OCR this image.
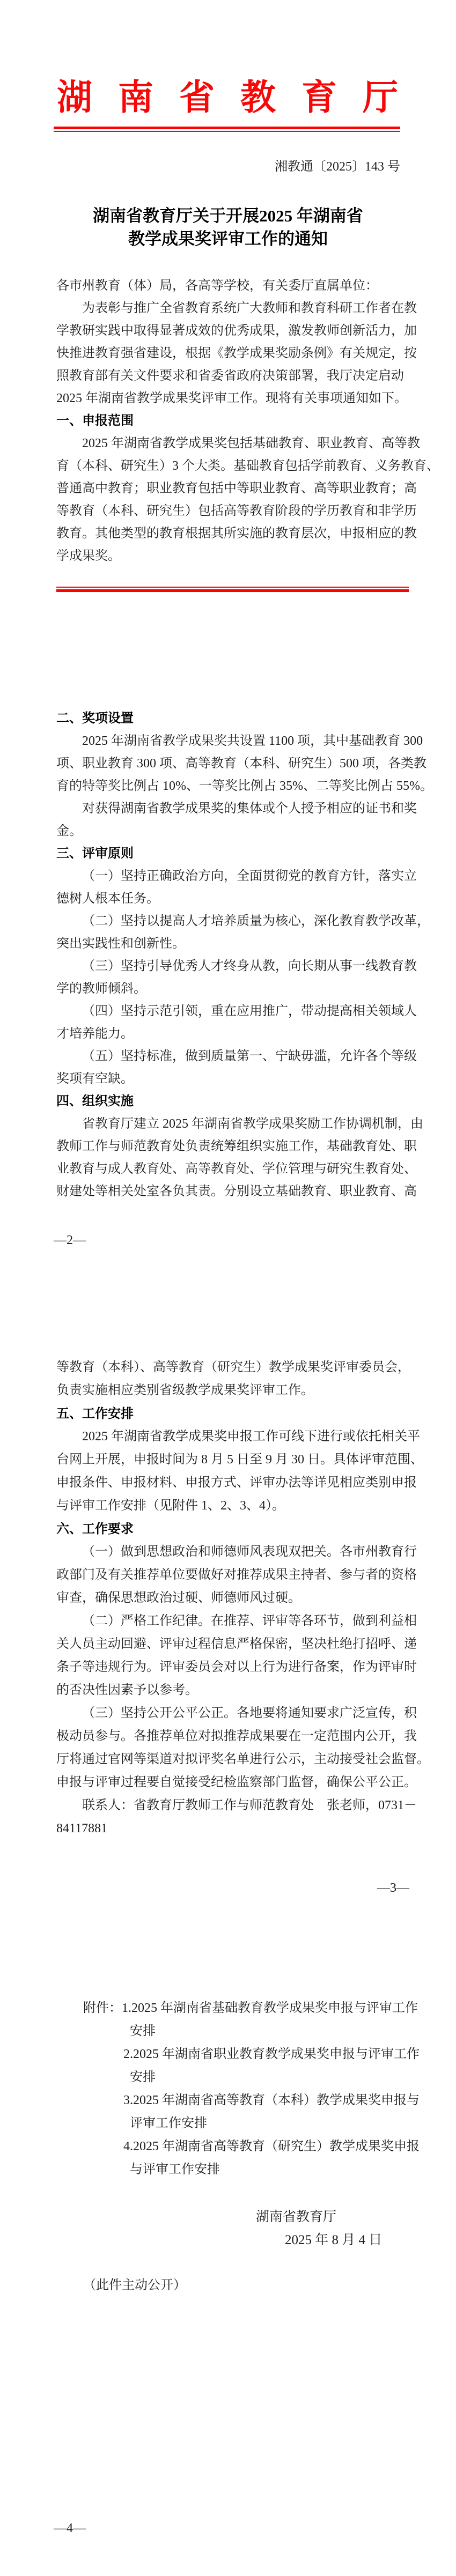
湖 南 省 教 育 厅
湘教通〔2025〕143 号
湖南省教育厅关于开展2025 年湖南省
教学成果奖评审工作的通知
各市州教育（体）局，各高等学校，有关委厅直属单位：
为表彰与推广全省教育系统广大教师和教育科研工作者在教
学教研实践中取得显著成效的优秀成果，激发教师创新活力，加
快推进教育强省建设，根据《教学成果奖励条例》有关规定，按
照教育部有关文件要求和省委省政府决策部署，我厅决定启动
2025 年湖南省教学成果奖评审工作。现将有关事项通知如下。
一、申报范围
2025 年湖南省教学成果奖包括基础教育、职业教育、高等教
育（本科、研究生）3 个大类。基础教育包括学前教育、义务教育、
普通高中教育；职业教育包括中等职业教育、高等职业教育；高
等教育（本科、研究生）包括高等教育阶段的学历教育和非学历
教育。其他类型的教育根据其所实施的教育层次，申报相应的教
学成果奖。
二、奖项设置
2025 年湖南省教学成果奖共设置 1100 项，其中基础教育 300
项、职业教育 300 项、高等教育（本科、研究生）500 项，各类教
育的特等奖比例占 10%、一等奖比例占 35%、二等奖比例占 55%。
对获得湖南省教学成果奖的集体或个人授予相应的证书和奖
金。
三、评审原则
（一）坚持正确政治方向，全面贯彻党的教育方针，落实立
德树人根本任务。
（二）坚持以提高人才培养质量为核心，深化教育教学改革，
突出实践性和创新性。
（三）坚持引导优秀人才终身从教，向长期从事一线教育教
学的教师倾斜。
（四）坚持示范引领，重在应用推广，带动提高相关领域人
才培养能力。
（五）坚持标准，做到质量第一、宁缺毋滥，允许各个等级
奖项有空缺。
四、组织实施
省教育厅建立 2025 年湖南省教学成果奖励工作协调机制，由
教师工作与师范教育处负责统筹组织实施工作，基础教育处、职
业教育与成人教育处、高等教育处、学位管理与研究生教育处、
财建处等相关处室各负其责。分别设立基础教育、职业教育、高
—2—
等教育（本科）、高等教育（研究生）教学成果奖评审委员会，
负责实施相应类别省级教学成果奖评审工作。
五、工作安排
2025 年湖南省教学成果奖申报工作可线下进行或依托相关平
台网上开展，申报时间为 8 月 5 日至 9 月 30 日。具体评审范围、
申报条件、申报材料、申报方式、评审办法等详见相应类别申报
与评审工作安排（见附件 1、2、3、4）。
六、工作要求
（一）做到思想政治和师德师风表现双把关。各市州教育行
政部门及有关推荐单位要做好对推荐成果主持者、参与者的资格
审查，确保思想政治过硬、师德师风过硬。
（二）严格工作纪律。在推荐、评审等各环节，做到利益相
关人员主动回避、评审过程信息严格保密，坚决杜绝打招呼、递
条子等违规行为。评审委员会对以上行为进行备案，作为评审时
的否决性因素予以参考。
（三）坚持公开公平公正。各地要将通知要求广泛宣传，积
极动员参与。各推荐单位对拟推荐成果要在一定范围内公开，我
厅将通过官网等渠道对拟评奖名单进行公示，主动接受社会监督。
申报与评审过程要自觉接受纪检监察部门监督，确保公平公正。
联系人：省教育厅教师工作与师范教育处　张老师，0731－
84117881
—3—
附件：1.2025 年湖南省基础教育教学成果奖申报与评审工作
安排
2.2025 年湖南省职业教育教学成果奖申报与评审工作
安排
3.2025 年湖南省高等教育（本科）教学成果奖申报与
评审工作安排
4.2025 年湖南省高等教育（研究生）教学成果奖申报
与评审工作安排
湖南省教育厅
2025 年 8 月 4 日
（此件主动公开）
—4—
